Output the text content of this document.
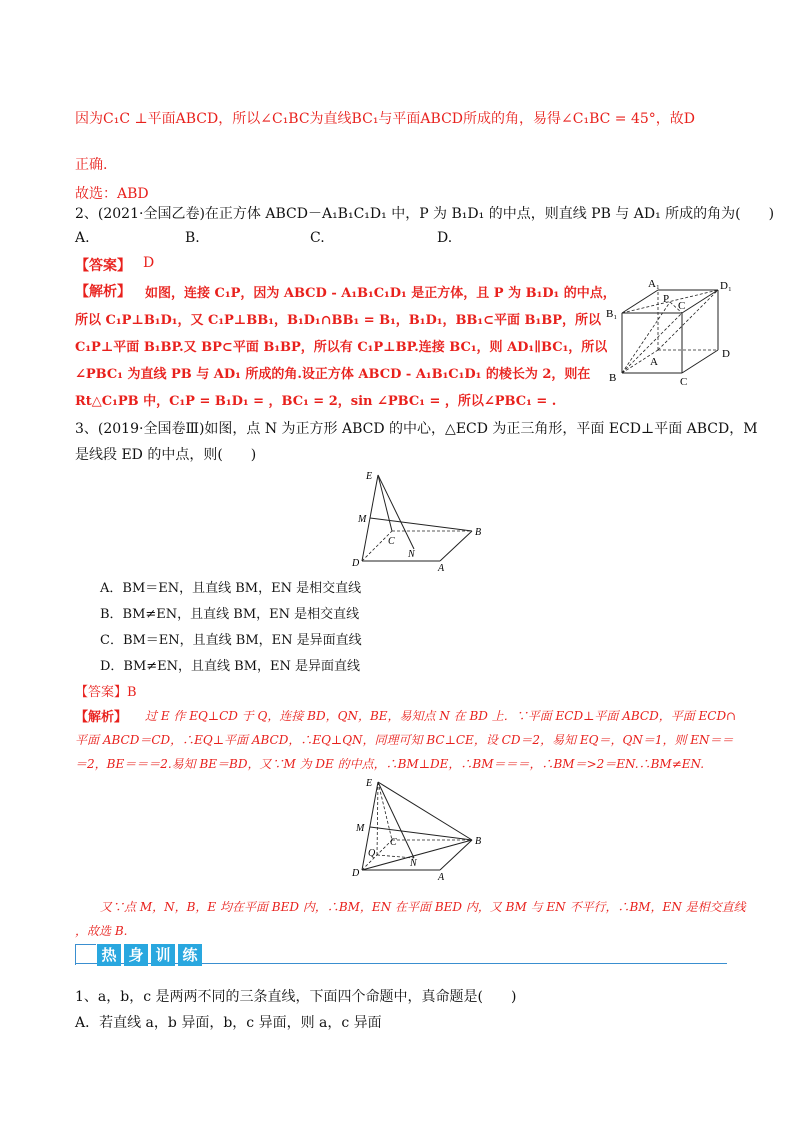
因为C₁C ⊥平面ABCD，所以∠C₁BC为直线BC₁与平面ABCD所成的角，易得∠C₁BC = 45°，故D
正确.
故选：ABD
2、(2021·全国乙卷)在正方体 ABCD－A₁B₁C₁D₁ 中，P 为 B₁D₁ 的中点，则直线 PB 与 AD₁ 所成的角为(　　)
A.	B.	C.	D.
【答案】 D
【解析】 如图，连接 C₁P，因为 ABCD - A₁B₁C₁D₁ 是正方体，且 P 为 B₁D₁ 的中点，
所以 C₁P⊥B₁D₁，又 C₁P⊥BB₁，B₁D₁∩BB₁ = B₁，B₁D₁，BB₁⊂平面 B₁BP，所以
C₁P⊥平面 B₁BP.又 BP⊂平面 B₁BP，所以有 C₁P⊥BP.连接 BC₁，则 AD₁∥BC₁，所以
∠PBC₁ 为直线 PB 与 AD₁ 所成的角.设正方体 ABCD - A₁B₁C₁D₁ 的棱长为 2，则在
Rt△C₁PB 中，C₁P = B₁D₁ = ，BC₁ = 2，sin ∠PBC₁ = ，所以∠PBC₁ = .
A₁	D₁
P
C
B₁
A
D
B	C
3、(2019·全国卷Ⅲ)如图，点 N 为正方形 ABCD 的中心，△ECD 为正三角形，平面 ECD⊥平面 ABCD，M
是线段 ED 的中点，则(　　)
E
M
C
B
N
D	A
A．BM＝EN，且直线 BM，EN 是相交直线
B．BM≠EN，且直线 BM，EN 是相交直线
C．BM＝EN，且直线 BM，EN 是异面直线
D．BM≠EN，且直线 BM，EN 是异面直线
【答案】B
【解析】 过 E 作 EQ⊥CD 于 Q，连接 BD，QN，BE，易知点 N 在 BD 上．∵平面 ECD⊥平面 ABCD，平面 ECD∩
平面 ABCD＝CD，∴EQ⊥平面 ABCD，∴EQ⊥QN，同理可知 BC⊥CE，设 CD＝2，易知 EQ＝，QN＝1，则 EN＝＝
＝2，BE＝＝＝2.易知 BE＝BD，又∵M 为 DE 的中点，∴BM⊥DE，∴BM＝＝＝，∴BM＝>2＝EN.∴BM≠EN.
E
M
C
Q
N
B
D	A
又∵点 M，N，B，E 均在平面 BED 内，∴BM，EN 在平面 BED 内，又 BM 与 EN 不平行，∴BM，EN 是相交直线
，故选 B.
热 身 训 练
1、a，b，c 是两两不同的三条直线，下面四个命题中，真命题是(　　)
A．若直线 a，b 异面，b，c 异面，则 a，c 异面
